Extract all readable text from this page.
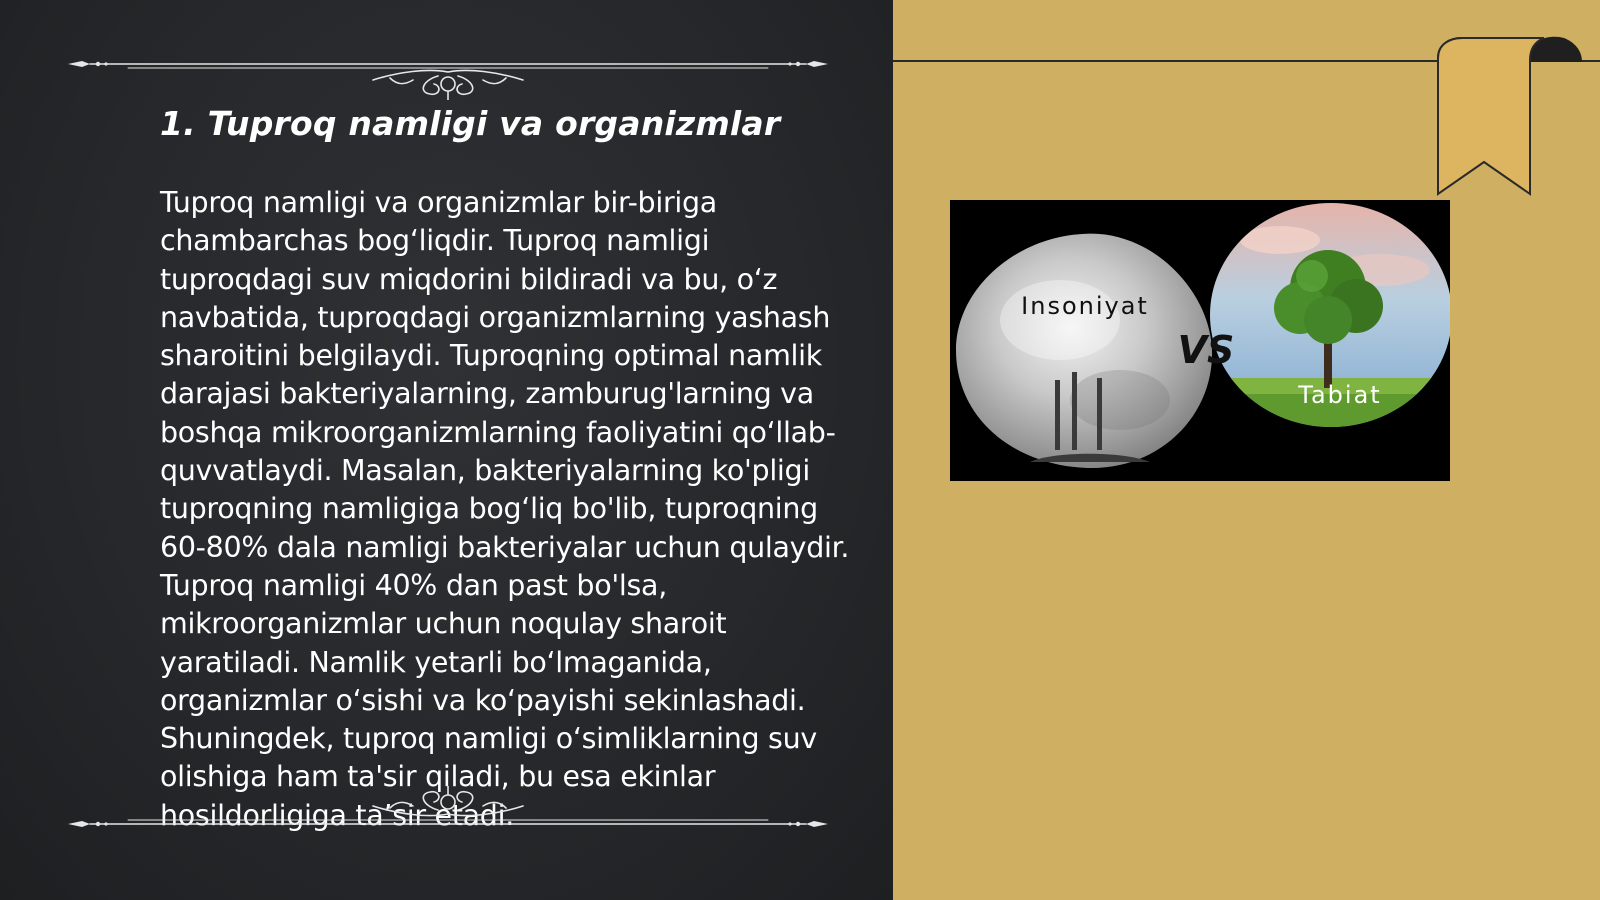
1. Tuproq namligi va organizmlar

Tuproq namligi va organizmlar bir-biriga chambarchas bog‘liqdir. Tuproq namligi tuproqdagi suv miqdorini bildiradi va bu, o‘z navbatida, tuproqdagi organizmlarning yashash sharoitini belgilaydi. Tuproqning optimal namlik darajasi bakteriyalarning, zamburug'larning va boshqa mikroorganizmlarning faoliyatini qo‘llab-quvvatlaydi. Masalan, bakteriyalarning ko'pligi tuproqning namligiga bog‘liq bo'lib, tuproqning 60-80% dala namligi bakteriyalar uchun qulaydir. Tuproq namligi 40% dan past bo'lsa, mikroorganizmlar uchun noqulay sharoit yaratiladi. Namlik yetarli bo‘lmaganida, organizmlar o‘sishi va ko‘payishi sekinlashadi. Shuningdek, tuproq namligi o‘simliklarning suv olishiga ham ta'sir qiladi, bu esa ekinlar hosildorligiga ta’sir etadi.

Insoniyat
VS
Tabiat
